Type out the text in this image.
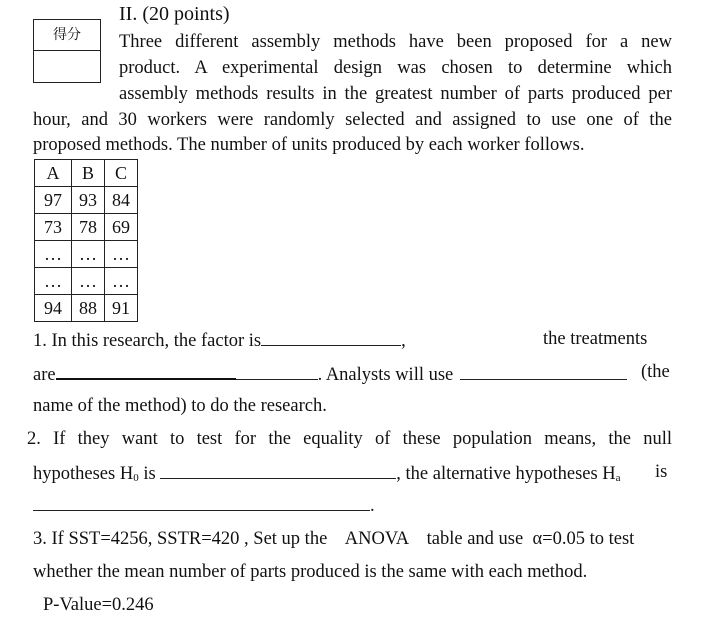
得分
II. (20 points)
Three different assembly methods have been proposed for a new
product. A experimental design was chosen to determine which
assembly methods results in the greatest number of parts produced per
hour, and 30 workers were randomly selected and assigned to use one of the
proposed methods. The number of units produced by each worker follows.
A	B	C
97	93	84
73	78	69
…	…	…
…	…	…
94	88	91
1. In this research, the factor is	,	the treatments
are	. Analysts will use	(the
name of the method) to do the research.
2. If they want to test for the equality of these population means, the null
hypotheses $H_0$ is	, the alternative hypotheses $H_a$ is
.
3. If SST=4256, SSTR=420 , Set up the    ANOVA    table and use  α=0.05 to test
whether the mean number of parts produced is the same with each method.
P-Value=0.246
